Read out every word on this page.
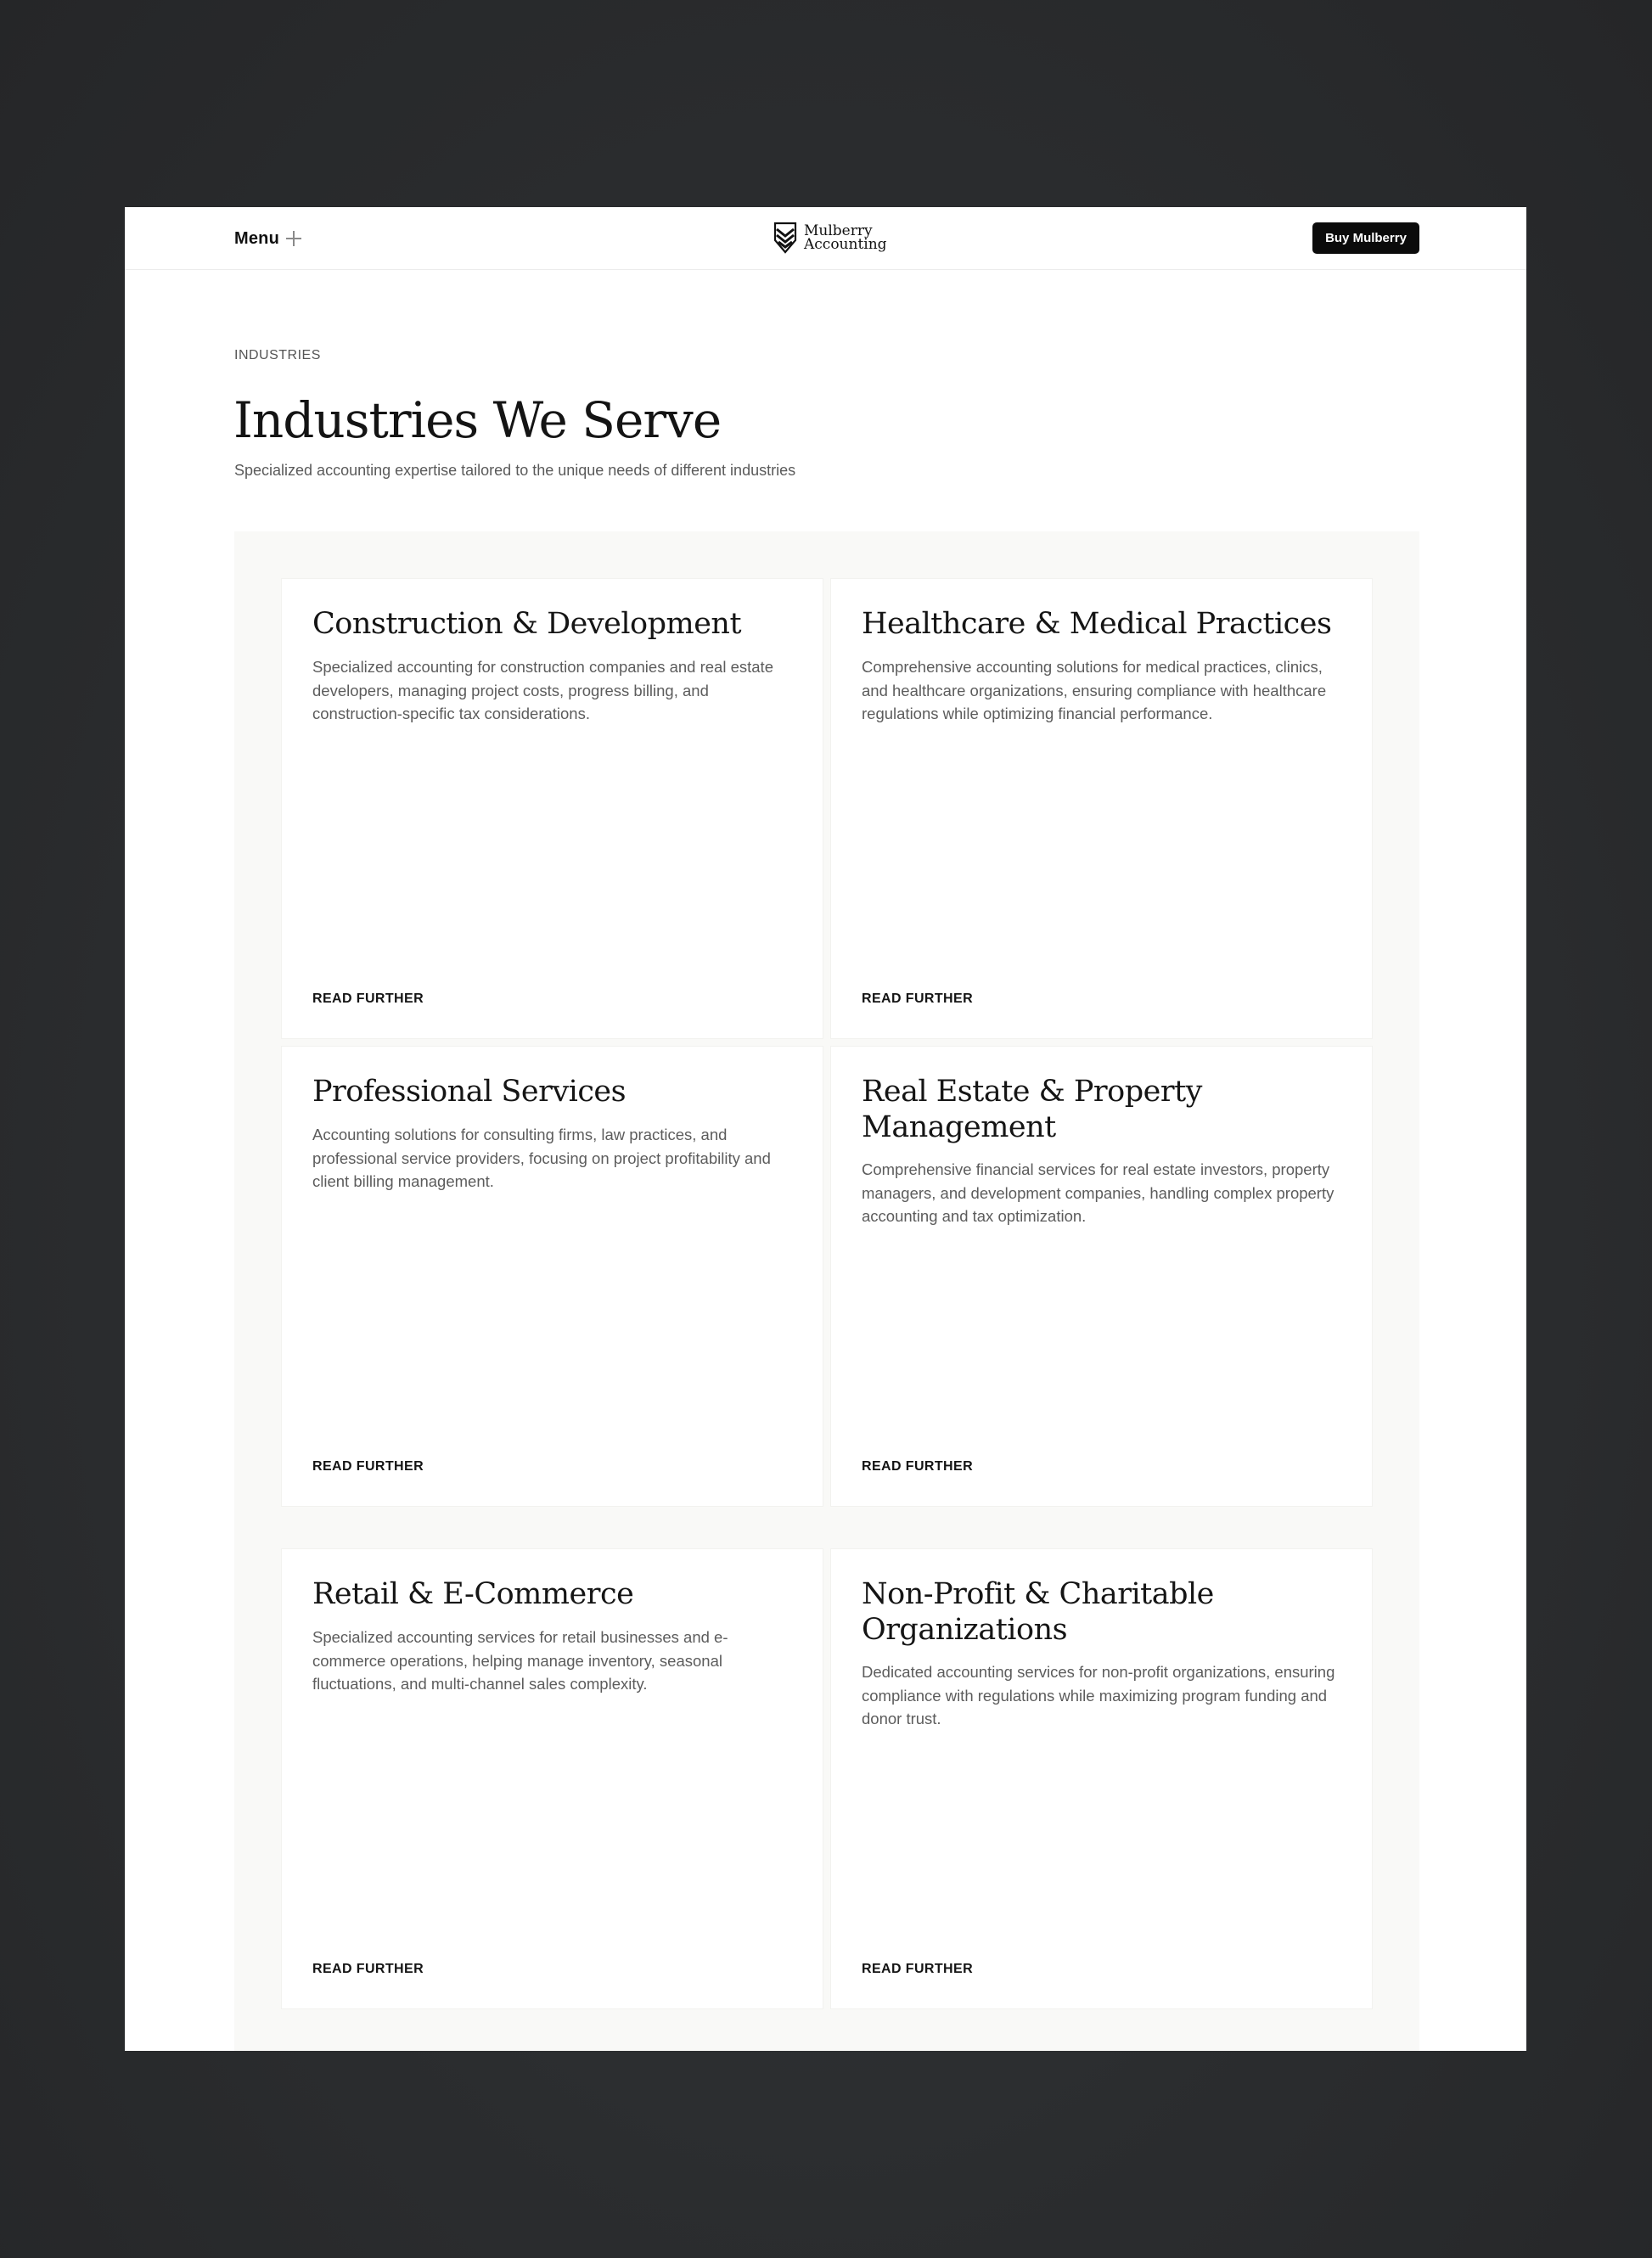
Menu	Mulberry
Accounting	Buy Mulberry
INDUSTRIES
Industries We Serve
Specialized accounting expertise tailored to the unique needs of different industries
Construction & Development

Specialized accounting for construction companies and real estate developers, managing project costs, progress billing, and construction-specific tax considerations.

READ FURTHER
Healthcare & Medical Practices

Comprehensive accounting solutions for medical practices, clinics, and healthcare organizations, ensuring compliance with healthcare regulations while optimizing financial performance.

READ FURTHER
Professional Services

Accounting solutions for consulting firms, law practices, and professional service providers, focusing on project profitability and client billing management.

READ FURTHER
Real Estate & Property Management

Comprehensive financial services for real estate investors, property managers, and development companies, handling complex property accounting and tax optimization.

READ FURTHER
Retail & E-Commerce

Specialized accounting services for retail businesses and e-commerce operations, helping manage inventory, seasonal fluctuations, and multi-channel sales complexity.

READ FURTHER
Non-Profit & Charitable Organizations

Dedicated accounting services for non-profit organizations, ensuring compliance with regulations while maximizing program funding and donor trust.

READ FURTHER
